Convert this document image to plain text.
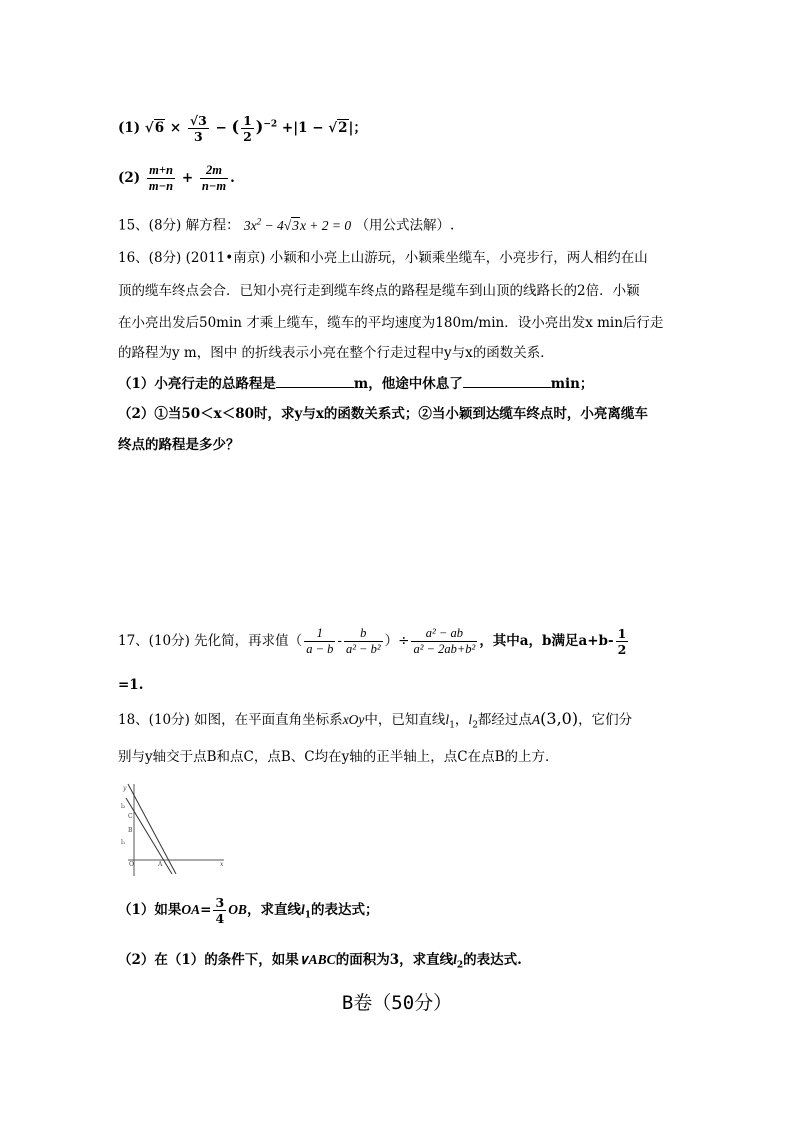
(1) $√6 \times \frac{√3}{3}$ − ( $\frac{1}{2} )^{-2} +|1 - √2|$；
$(2) \frac{m+n}{m-n} + \frac{2m}{n-m}$ .
15、(8分) 解方程： $3x^2 - 4√3x + 2 = 0$ （用公式法解）.
16、(8分) (2011•南京) 小颖和小亮上山游玩，小颖乘坐缆车，小亮步行，两人相约在山
顶的缆车终点会合．已知小亮行走到缆车终点的路程是缆车到山顶的线路长的2倍．小颖
在小亮出发后50min 才乘上缆车，缆车的平均速度为180m/min．设小亮出发x min后行走
的路程为y m，图中 的折线表示小亮在整个行走过程中y与x的函数关系．
（1）小亮行走的总路程是	m，他途中休息了	min；
（2）①当50＜x＜80时，求y与x的函数关系式；②当小颖到达缆车终点时，小亮离缆车
终点的路程是多少？
17、(10分) 先化简，再求值（ $\frac{1}{a - b} - \frac{b}{\text{a² − b²}}$ ）÷ $\frac{\text{a² − ab}}{\text{a² − 2ab+b²}}$ ，其中a，b满足$a+b- \frac{1}{2}$
=1.
18、(10分) 如图，在平面直角坐标系xOy中，已知直线$l_1$，$l_2$都经过点A(3,0)，它们分
别与y轴交于点B和点C，点B、C均在y轴的正半轴上，点C在点B的上方．
y
l₂
C
B
l₁
O	A	x
（1）如果$OA= \frac{3}{4}$ OB，求直线$l_1$的表达式；
（2）在（1）的条件下，如果∨ABC的面积为3，求直线$l_2$的表达式.
B卷（50分）
